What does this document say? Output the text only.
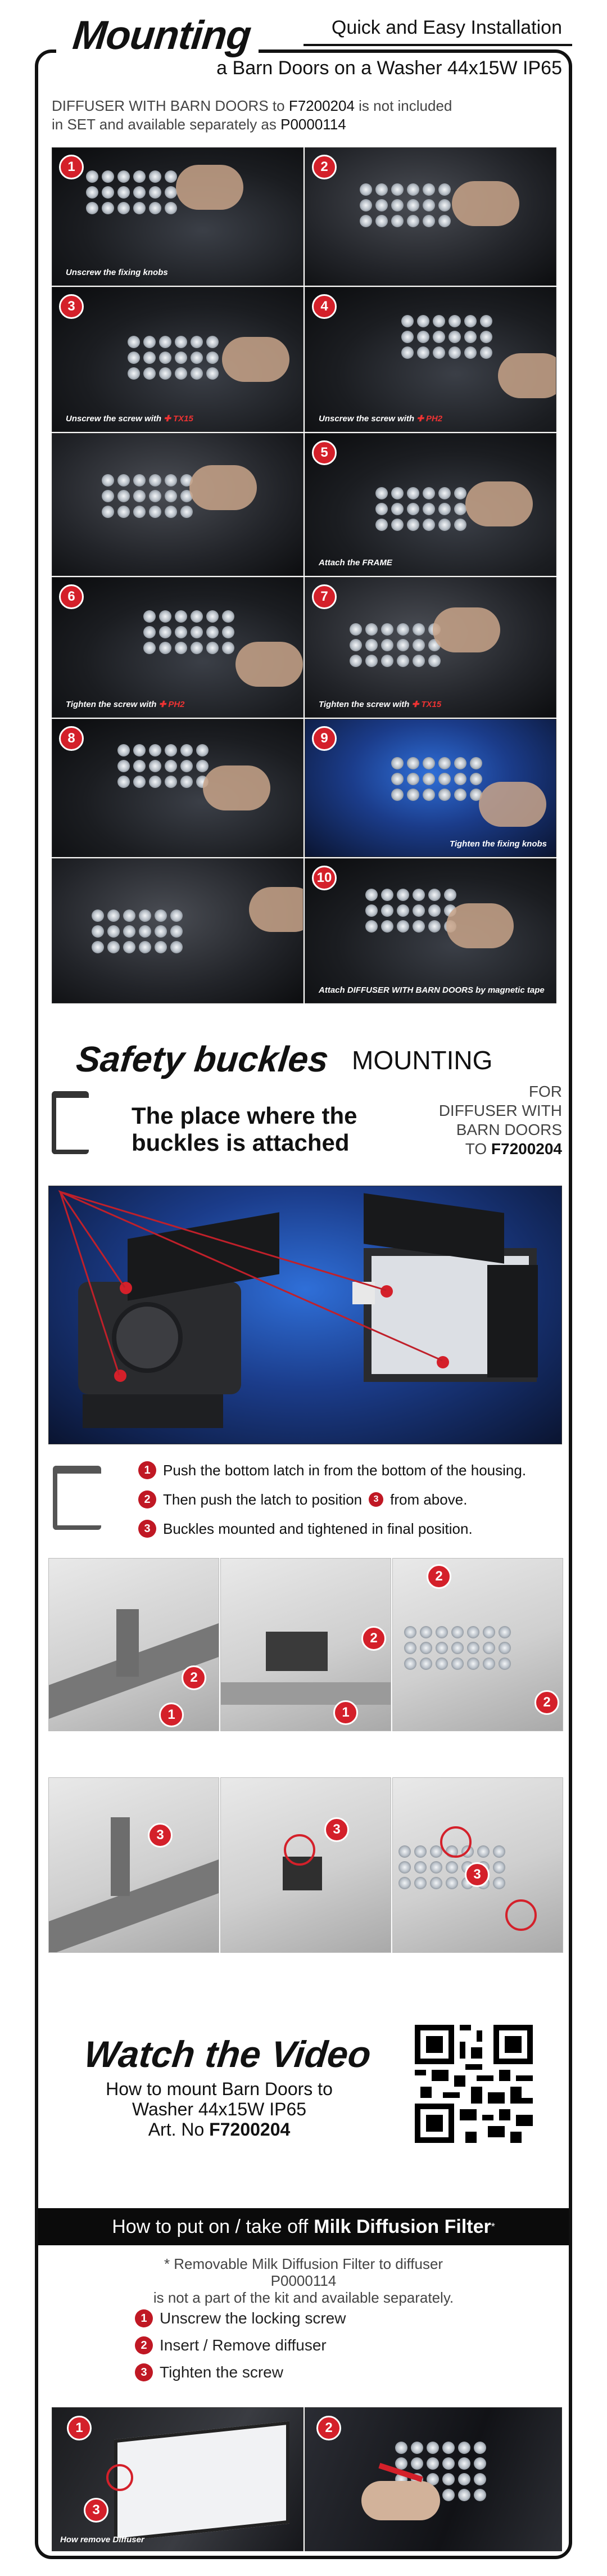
Mounting	Quick and Easy Installation
a Barn Doors on a Washer 44x15W IP65
DIFFUSER WITH BARN DOORS to F7200204 is not included in SET and available separately as P0000114
1
Unscrew the fixing knobs
2
3
Unscrew the screw with ✚ TX15
4
Unscrew the screw with ✚ PH2
5
Attach the FRAME
6
Tighten the screw with ✚ PH2
7
Tighten the screw with ✚ TX15
8	9
Tighten the fixing knobs
10
Attach DIFFUSER WITH BARN DOORS by magnetic tape
Safety buckles MOUNTING
The place where the
buckles is attached
FOR
DIFFUSER WITH
BARN DOORS
TO F7200204
1 Push the bottom latch in from the bottom of the housing.
2 Then push the latch to position	3 from above.
3 Buckles mounted and tightened in final position.
2
1
2
1
2
2
3	3
3
Watch the Video
How to mount Barn Doors to
Washer 44x15W IP65
Art. No F7200204
How to put on / take off Milk Diffusion Filter *
* Removable Milk Diffusion Filter to diffuser P0000114
is not a part of the kit and available separately.
1 Unscrew the locking screw
2 Insert / Remove diffuser
3 Tighten the screw
1
3
How remove Diffuser
2
